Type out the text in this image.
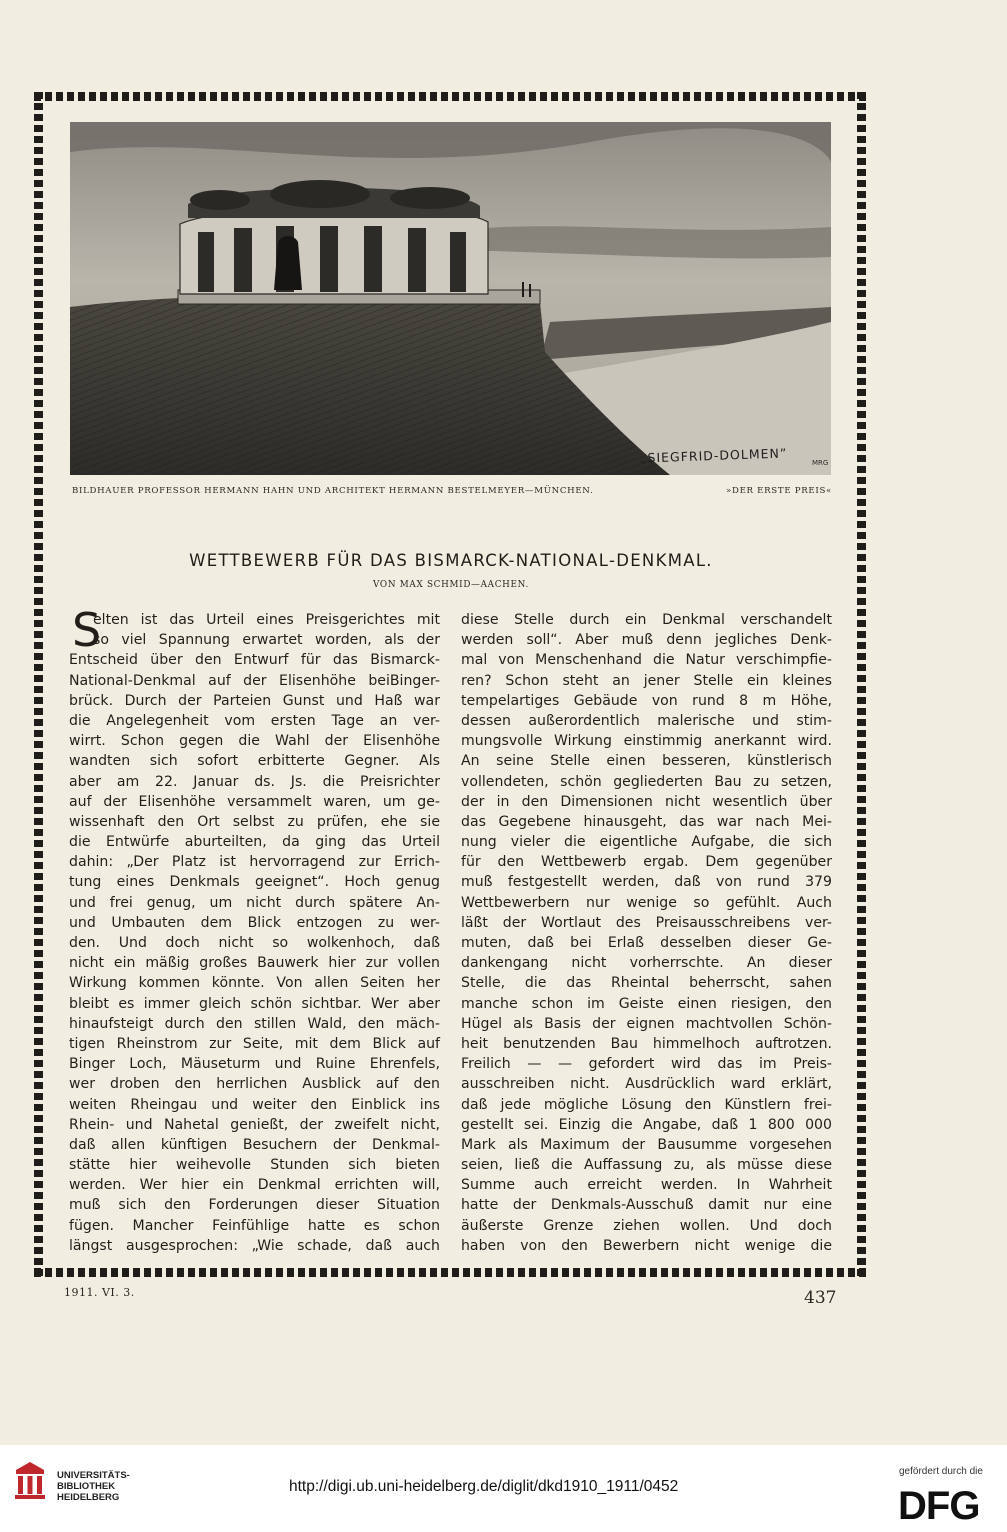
„SIEGFRID-DOLMEN”	MRG
BILDHAUER PROFESSOR HERMANN HAHN UND ARCHITEKT HERMANN BESTELMEYER—MÜNCHEN.	»DER ERSTE PREIS«
WETTBEWERB FÜR DAS BISMARCK-NATIONAL-DENKMAL.
VON MAX SCHMID—AACHEN.
S
elten ist das Urteil eines Preisgerichtes mit
so viel Spannung erwartet worden, als der
Entscheid über den Entwurf für das Bismarck-
National-Denkmal auf der Elisenhöhe beiBinger-
brück. Durch der Parteien Gunst und Haß war
die Angelegenheit vom ersten Tage an ver-
wirrt. Schon gegen die Wahl der Elisenhöhe
wandten sich sofort erbitterte Gegner. Als
aber am 22. Januar ds. Js. die Preisrichter
auf der Elisenhöhe versammelt waren, um ge-
wissenhaft den Ort selbst zu prüfen, ehe sie
die Entwürfe aburteilten, da ging das Urteil
dahin: „Der Platz ist hervorragend zur Errich-
tung eines Denkmals geeignet“. Hoch genug
und frei genug, um nicht durch spätere An-
und Umbauten dem Blick entzogen zu wer-
den. Und doch nicht so wolkenhoch, daß
nicht ein mäßig großes Bauwerk hier zur vollen
Wirkung kommen könnte. Von allen Seiten her
bleibt es immer gleich schön sichtbar. Wer aber
hinaufsteigt durch den stillen Wald, den mäch-
tigen Rheinstrom zur Seite, mit dem Blick auf
Binger Loch, Mäuseturm und Ruine Ehrenfels,
wer droben den herrlichen Ausblick auf den
weiten Rheingau und weiter den Einblick ins
Rhein- und Nahetal genießt, der zweifelt nicht,
daß allen künftigen Besuchern der Denkmal-
stätte hier weihevolle Stunden sich bieten
werden. Wer hier ein Denkmal errichten will,
muß sich den Forderungen dieser Situation
fügen. Mancher Feinfühlige hatte es schon
längst ausgesprochen: „Wie schade, daß auch
diese Stelle durch ein Denkmal verschandelt
werden soll“. Aber muß denn jegliches Denk-
mal von Menschenhand die Natur verschimpfie-
ren? Schon steht an jener Stelle ein kleines
tempelartiges Gebäude von rund 8 m Höhe,
dessen außerordentlich malerische und stim-
mungsvolle Wirkung einstimmig anerkannt wird.
An seine Stelle einen besseren, künstlerisch
vollendeten, schön gegliederten Bau zu setzen,
der in den Dimensionen nicht wesentlich über
das Gegebene hinausgeht, das war nach Mei-
nung vieler die eigentliche Aufgabe, die sich
für den Wettbewerb ergab. Dem gegenüber
muß festgestellt werden, daß von rund 379
Wettbewerbern nur wenige so gefühlt. Auch
läßt der Wortlaut des Preisausschreibens ver-
muten, daß bei Erlaß desselben dieser Ge-
dankengang nicht vorherrschte. An dieser
Stelle, die das Rheintal beherrscht, sahen
manche schon im Geiste einen riesigen, den
Hügel als Basis der eignen machtvollen Schön-
heit benutzenden Bau himmelhoch auftrotzen.
Freilich — — gefordert wird das im Preis-
ausschreiben nicht. Ausdrücklich ward erklärt,
daß jede mögliche Lösung den Künstlern frei-
gestellt sei. Einzig die Angabe, daß 1 800 000
Mark als Maximum der Bausumme vorgesehen
seien, ließ die Auffassung zu, als müsse diese
Summe auch erreicht werden. In Wahrheit
hatte der Denkmals-Ausschuß damit nur eine
äußerste Grenze ziehen wollen. Und doch
haben von den Bewerbern nicht wenige die
1911. VI. 3.	437
UNIVERSITÄTS-
BIBLIOTHEK
HEIDELBERG
http://digi.ub.uni-heidelberg.de/diglit/dkd1910_1911/0452
gefördert durch die
DFG
